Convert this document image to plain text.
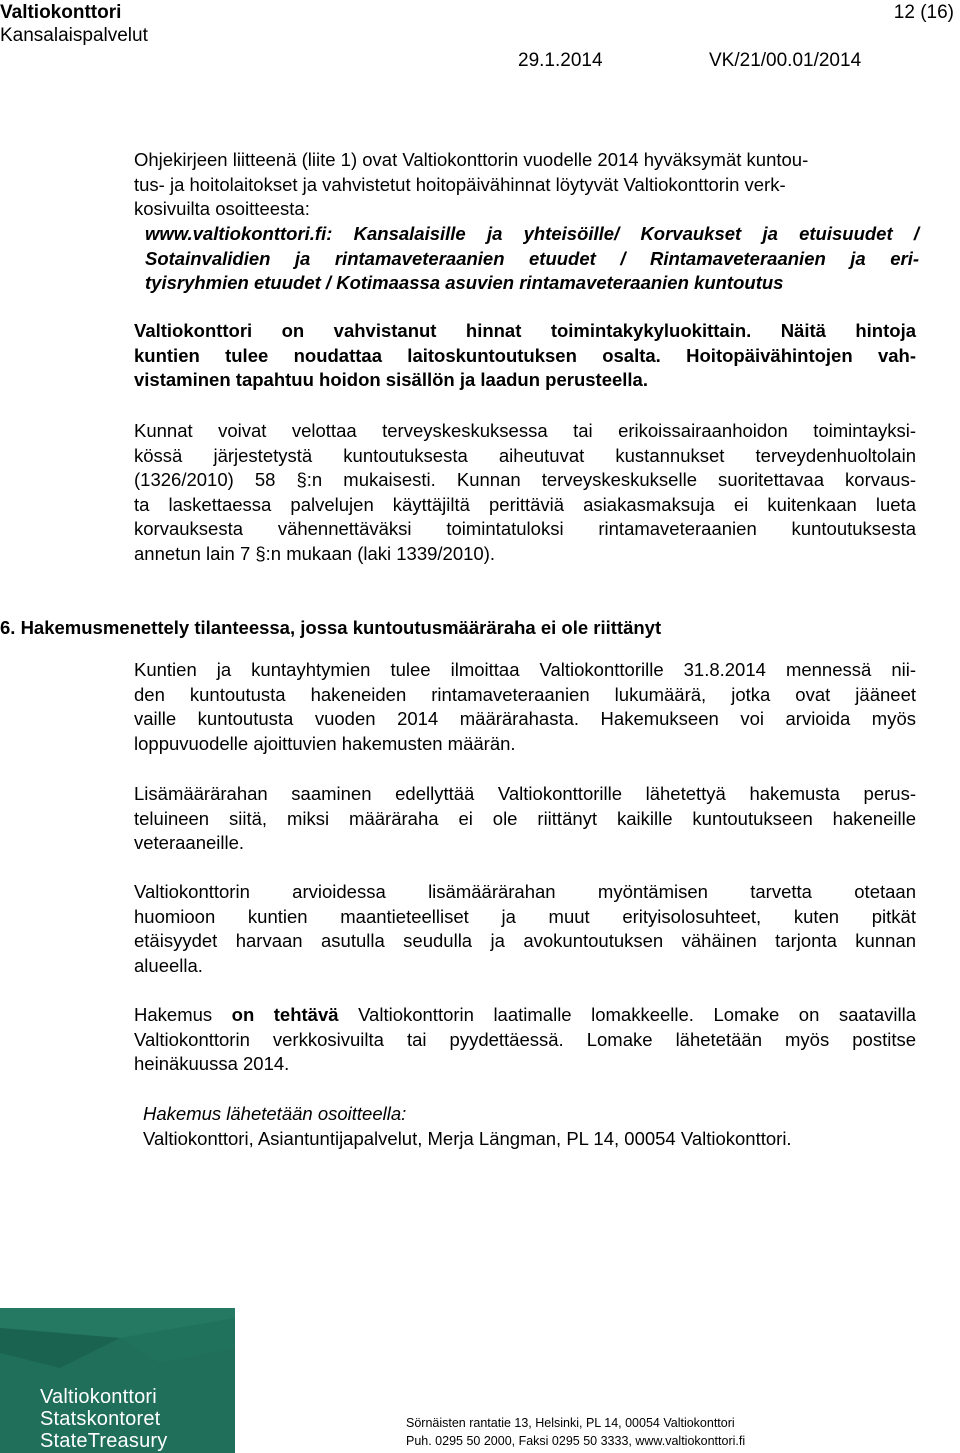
Valtiokonttori
Kansalaispalvelut
12 (16)
29.1.2014	VK/21/00.01/2014
Ohjekirjeen liitteenä (liite 1) ovat Valtiokonttorin vuodelle 2014 hyväksymät kuntou-
tus- ja hoitolaitokset ja vahvistetut hoitopäivähinnat löytyvät Valtiokonttorin verk-
kosivuilta osoitteesta:
www.valtiokonttori.fi: Kansalaisille ja yhteisöille/ Korvaukset ja etuisuudet /
Sotainvalidien ja rintamaveteraanien etuudet / Rintamaveteraanien ja eri-
tyisryhmien etuudet / Kotimaassa asuvien rintamaveteraanien kuntoutus
Valtiokonttori on vahvistanut hinnat toimintakykyluokittain. Näitä hintoja
kuntien tulee noudattaa laitoskuntoutuksen osalta. Hoitopäivähintojen vah-
vistaminen tapahtuu hoidon sisällön ja laadun perusteella.
Kunnat voivat velottaa terveyskeskuksessa tai erikoissairaanhoidon toimintayksi-
kössä järjestetystä kuntoutuksesta aiheutuvat kustannukset terveydenhuoltolain
(1326/2010) 58 §:n mukaisesti. Kunnan terveyskeskukselle suoritettavaa korvaus-
ta laskettaessa palvelujen käyttäjiltä perittäviä asiakasmaksuja ei kuitenkaan lueta
korvauksesta vähennettäväksi toimintatuloksi rintamaveteraanien kuntoutuksesta
annetun lain 7 §:n mukaan (laki 1339/2010).
6. Hakemusmenettely tilanteessa, jossa kuntoutusmääräraha ei ole riittänyt
Kuntien ja kuntayhtymien tulee ilmoittaa Valtiokonttorille 31.8.2014 mennessä nii-
den kuntoutusta hakeneiden rintamaveteraanien lukumäärä, jotka ovat jääneet
vaille kuntoutusta vuoden 2014 määrärahasta. Hakemukseen voi arvioida myös
loppuvuodelle ajoittuvien hakemusten määrän.
Lisämäärärahan saaminen edellyttää Valtiokonttorille lähetettyä hakemusta perus-
teluineen siitä, miksi määräraha ei ole riittänyt kaikille kuntoutukseen hakeneille
veteraaneille.
Valtiokonttorin arvioidessa lisämäärärahan myöntämisen tarvetta otetaan
huomioon kuntien maantieteelliset ja muut erityisolosuhteet, kuten pitkät
etäisyydet harvaan asutulla seudulla ja avokuntoutuksen vähäinen tarjonta kunnan
alueella.
Hakemus on tehtävä Valtiokonttorin laatimalle lomakkeelle. Lomake on saatavilla
Valtiokonttorin verkkosivuilta tai pyydettäessä. Lomake lähetetään myös postitse
heinäkuussa 2014.
Hakemus lähetetään osoitteella:
Valtiokonttori, Asiantuntijapalvelut, Merja Längman, PL 14, 00054 Valtiokonttori.
Valtiokonttori
Statskontoret
StateTreasury
Sörnäisten rantatie 13, Helsinki, PL 14, 00054 Valtiokonttori
Puh. 0295 50 2000, Faksi 0295 50 3333, www.valtiokonttori.fi
